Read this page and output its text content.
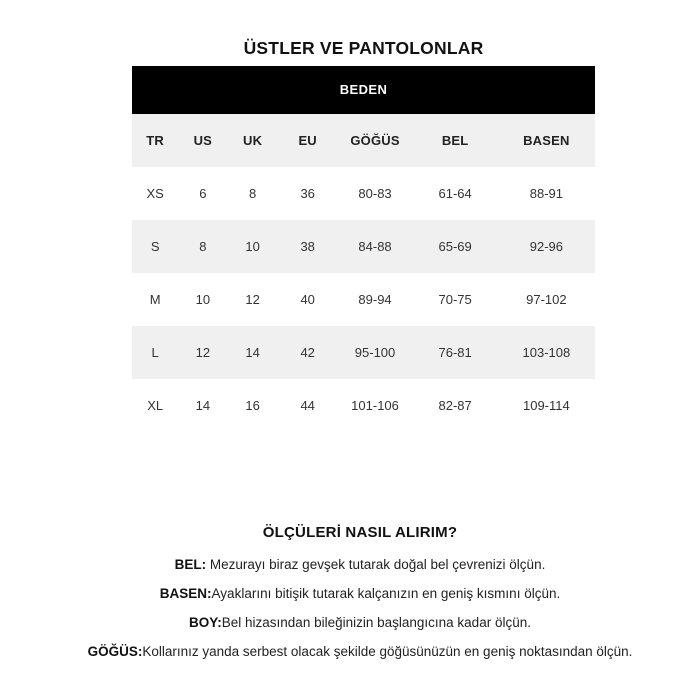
ÜSTLER VE PANTOLONLAR
BEDEN
TR	US	UK	EU	GÖĞÜS	BEL	BASEN
XS	6	8	36	80-83	61-64	88-91
S	8	10	38	84-88	65-69	92-96
M	10	12	40	89-94	70-75	97-102
L	12	14	42	95-100	76-81	103-108
XL	14	16	44	101-106	82-87	109-114
ÖLÇÜLERİ NASIL ALIRIM?

BEL: Mezurayı biraz gevşek tutarak doğal bel çevrenizi ölçün.

BASEN:Ayaklarını bitişik tutarak kalçanızın en geniş kısmını ölçün.

BOY:Bel hizasından bileğinizin başlangıcına kadar ölçün.

GÖĞÜS:Kollarınız yanda serbest olacak şekilde göğüsünüzün en geniş noktasından ölçün.
